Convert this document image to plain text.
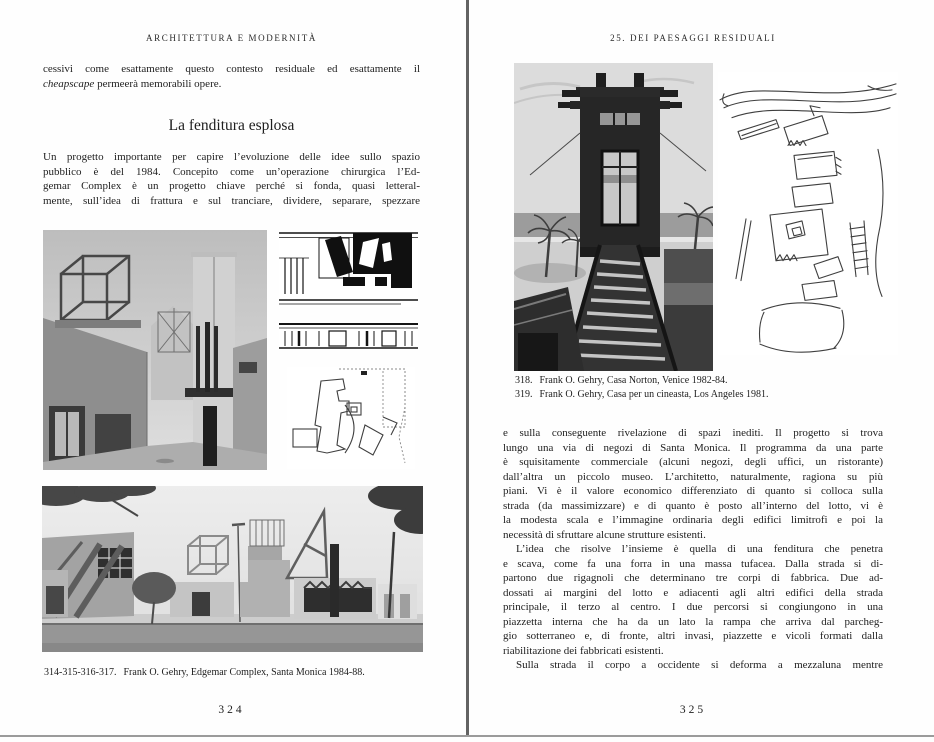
ARCHITETTURA E MODERNITÀ
cessivi come esattamente questo contesto residuale ed esattamente il
cheapscape permeerà memorabili opere.
La fenditura esplosa
Un progetto importante per capire l’evoluzione delle idee sullo spazio
pubblico è del 1984. Concepito come un’operazione chirurgica l’Ed-
gemar Complex è un progetto chiave perché si fonda, quasi letteral-
mente, sull’idea di frattura e sul tranciare, dividere, separare, spezzare
314-315-316-317. Frank O. Gehry, Edgemar Complex, Santa Monica 1984-88.
324
25. DEI PAESAGGI RESIDUALI
318. Frank O. Gehry, Casa Norton, Venice 1982-84.
319. Frank O. Gehry, Casa per un cineasta, Los Angeles 1981.
e sulla conseguente rivelazione di spazi inediti. Il progetto si trova
lungo una via di negozi di Santa Monica. Il programma da una parte
è squisitamente commerciale (alcuni negozi, degli uffici, un ristorante)
dall’altra un piccolo museo. L’architetto, naturalmente, ragiona su più
piani. Vi è il valore economico differenziato di quanto si colloca sulla
strada (da massimizzare) e di quanto è posto all’interno del lotto, vi è
la modesta scala e l’immagine ordinaria degli edifici limitrofi e poi la
necessità di sfruttare alcune strutture esistenti.
L’idea che risolve l’insieme è quella di una fenditura che penetra
e scava, come fa una forra in una massa tufacea. Dalla strada si di-
partono due rigagnoli che determinano tre corpi di fabbrica. Due ad-
dossati ai margini del lotto e adiacenti agli altri edifici della strada
principale, il terzo al centro. I due percorsi si congiungono in una
piazzetta interna che ha da un lato la rampa che arriva dal parcheg-
gio sotterraneo e, di fronte, altri invasi, piazzette e vicoli formati dalla
riabilitazione dei fabbricati esistenti.
Sulla strada il corpo a occidente si deforma a mezzaluna mentre
325
